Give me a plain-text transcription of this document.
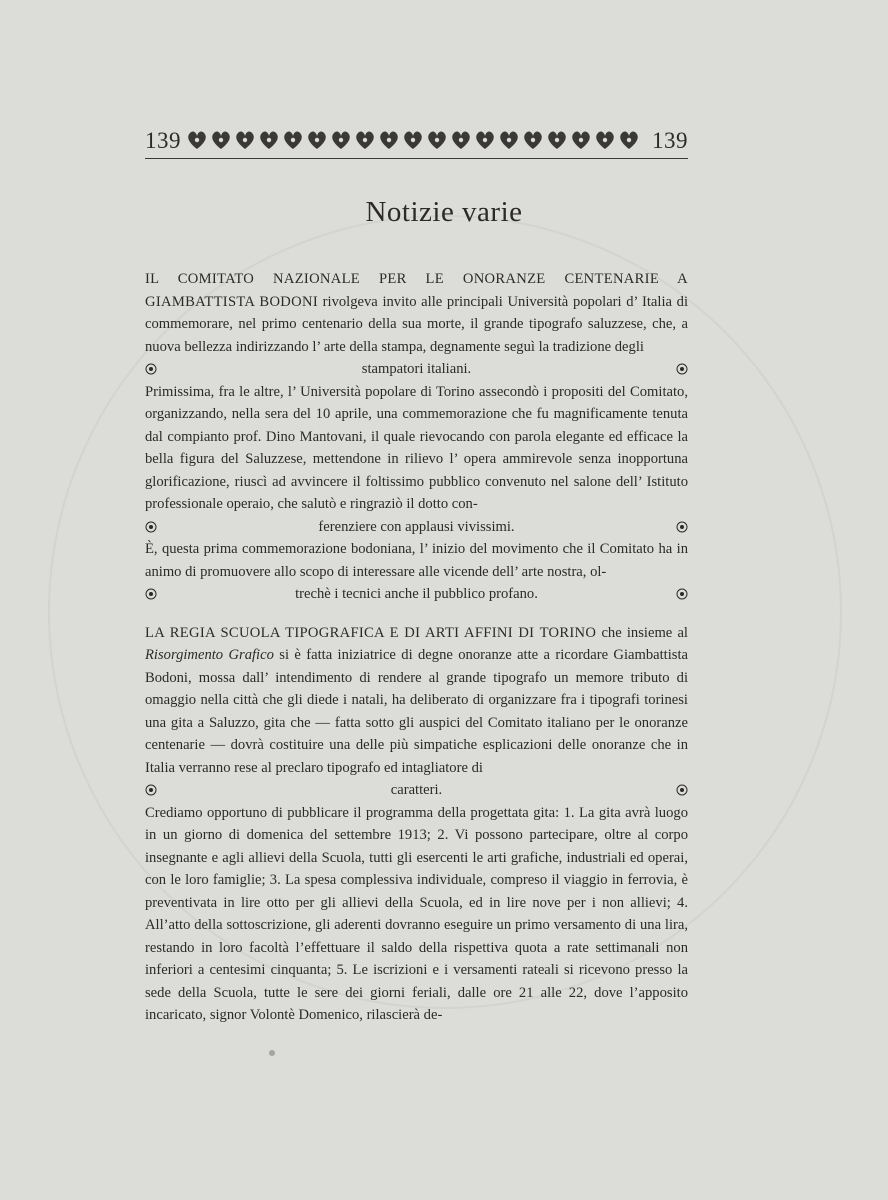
139	139
Notizie varie

IL COMITATO NAZIONALE PER LE ONORANZE CENTENARIE A GIAMBATTISTA BODONI rivolgeva invito alle principali Università popolari d’ Italia di commemorare, nel primo centenario della sua morte, il grande tipografo saluzzese, che, a nuova bellezza indirizzando l’ arte della stampa, degnamente seguì la tradizione degli

stampatori italiani.

Primissima, fra le altre, l’ Università popolare di Torino assecondò i propositi del Comitato, organizzando, nella sera del 10 aprile, una commemorazione che fu magnificamente tenuta dal compianto prof. Dino Mantovani, il quale rievocando con parola elegante ed efficace la bella figura del Saluzzese, mettendone in rilievo l’ opera ammirevole senza inopportuna glorificazione, riuscì ad avvincere il foltissimo pubblico convenuto nel salone dell’ Istituto professionale operaio, che salutò e ringraziò il dotto con-

ferenziere con applausi vivissimi.

È, questa prima commemorazione bodoniana, l’ inizio del movimento che il Comitato ha in animo di promuovere allo scopo di interessare alle vicende dell’ arte nostra, ol-

trechè i tecnici anche il pubblico profano.

LA REGIA SCUOLA TIPOGRAFICA E DI ARTI AFFINI DI TORINO che insieme al Risorgimento Grafico si è fatta iniziatrice di degne onoranze atte a ricordare Giambattista Bodoni, mossa dall’ intendimento di rendere al grande tipografo un memore tributo di omaggio nella città che gli diede i natali, ha deliberato di organizzare fra i tipografi torinesi una gita a Saluzzo, gita che — fatta sotto gli auspici del Comitato italiano per le onoranze centenarie — dovrà costituire una delle più simpatiche esplicazioni delle onoranze che in Italia verranno rese al preclaro tipografo ed intagliatore di

caratteri.

Crediamo opportuno di pubblicare il programma della progettata gita: 1. La gita avrà luogo in un giorno di domenica del settembre 1913; 2. Vi possono partecipare, oltre al corpo insegnante e agli allievi della Scuola, tutti gli esercenti le arti grafiche, industriali ed operai, con le loro famiglie; 3. La spesa complessiva individuale, compreso il viaggio in ferrovia, è preventivata in lire otto per gli allievi della Scuola, ed in lire nove per i non allievi; 4. All’atto della sottoscrizione, gli aderenti dovranno eseguire un primo versamento di una lira, restando in loro facoltà l’effettuare il saldo della rispettiva quota a rate settimanali non inferiori a centesimi cinquanta; 5. Le iscrizioni e i versamenti rateali si ricevono presso la sede della Scuola, tutte le sere dei giorni feriali, dalle ore 21 alle 22, dove l’apposito incaricato, signor Volontè Domenico, rilascierà de-
